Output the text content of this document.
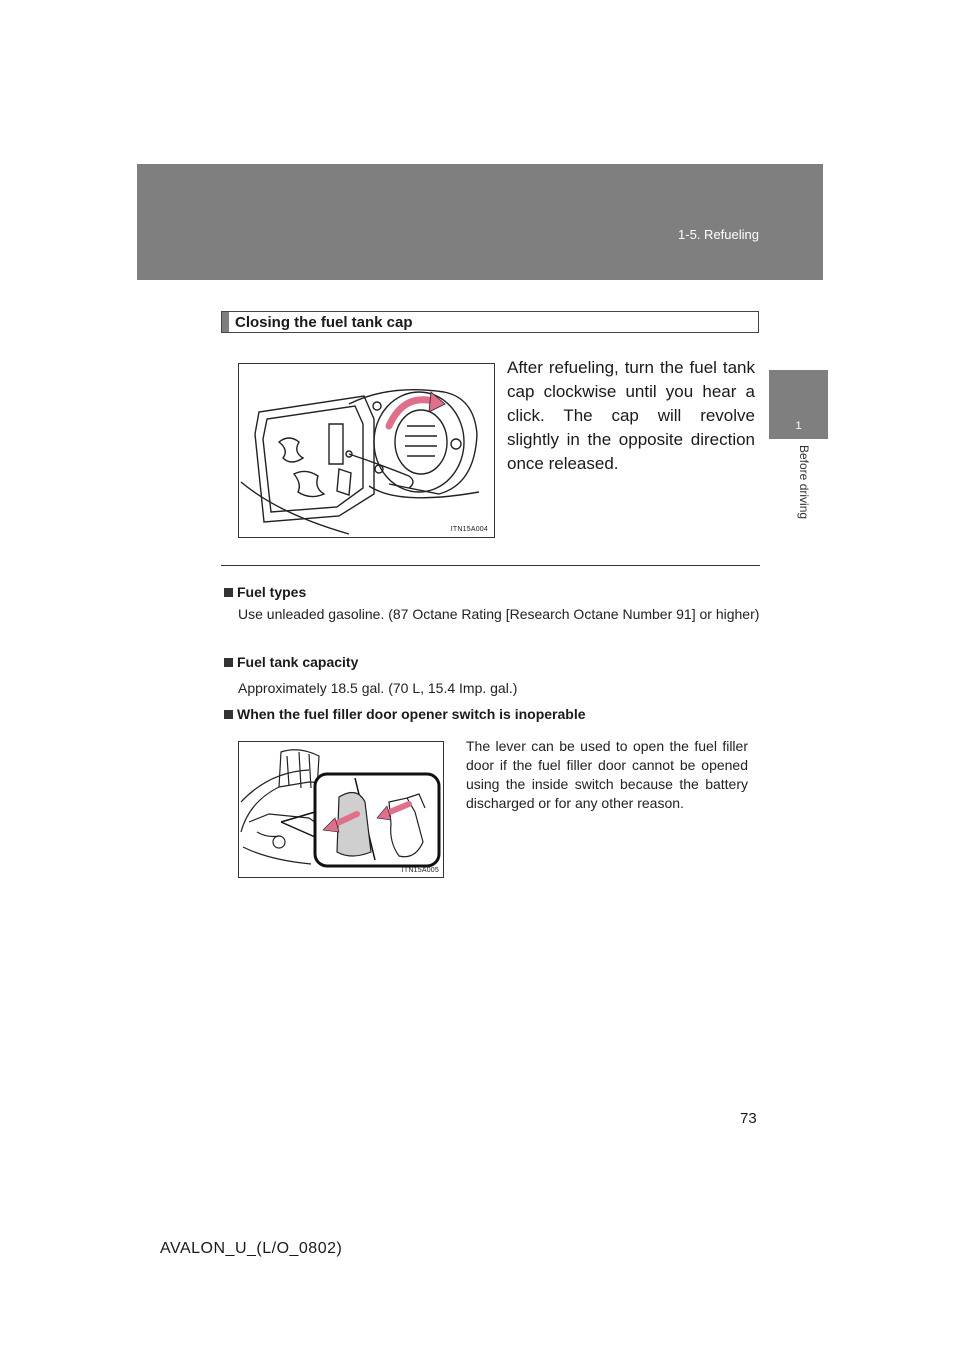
1-5. Refueling
1
Before driving
Closing the fuel tank cap
ITN15A004
After refueling, turn the fuel tank cap clockwise until you hear a click. The cap will revolve slightly in the opposite direction once released.
Fuel types
Use unleaded gasoline. (87 Octane Rating [Research Octane Number 91] or higher)
Fuel tank capacity
Approximately 18.5 gal. (70 L, 15.4 Imp. gal.)
When the fuel filler door opener switch is inoperable
ITN15A005
The lever can be used to open the fuel filler door if the fuel filler door cannot be opened using the inside switch because the battery discharged or for any other reason.
73
AVALON_U_(L/O_0802)
